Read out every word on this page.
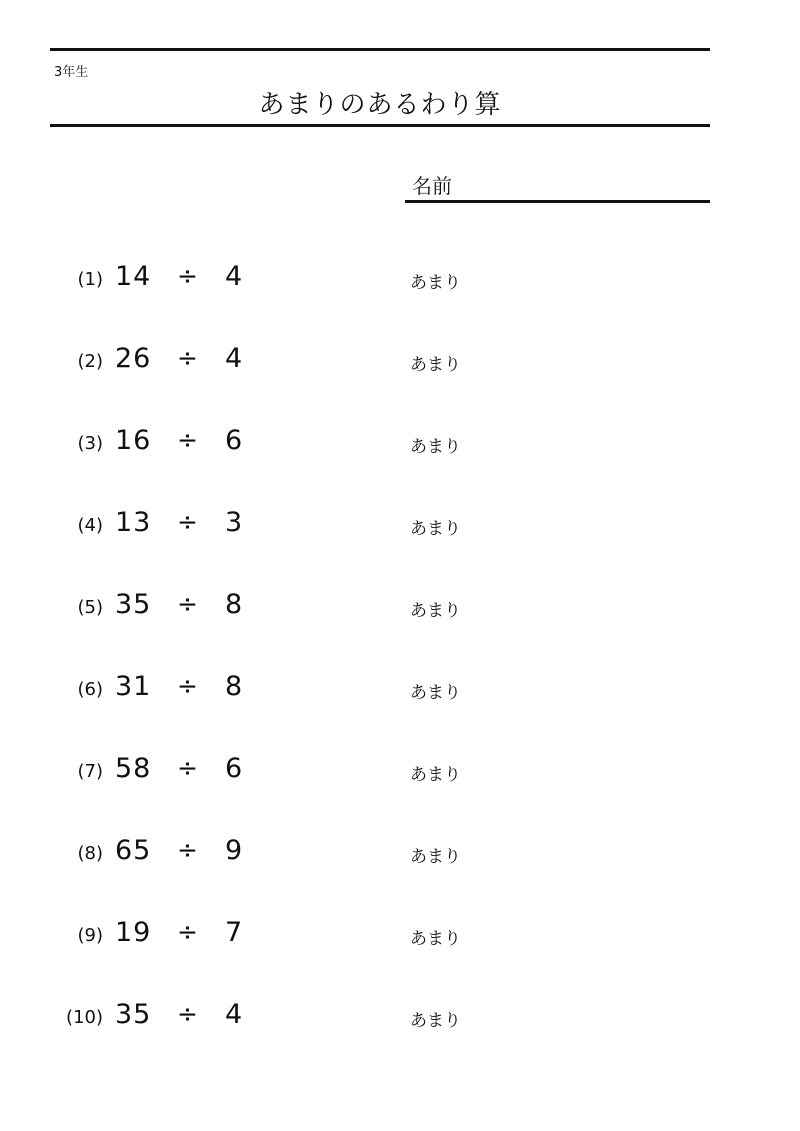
3年生
あまりのあるわり算
名前
(1) 14 ÷ 4	あまり
(2) 26 ÷ 4	あまり
(3) 16 ÷ 6	あまり
(4) 13 ÷ 3	あまり
(5) 35 ÷ 8	あまり
(6) 31 ÷ 8	あまり
(7) 58 ÷ 6	あまり
(8) 65 ÷ 9	あまり
(9) 19 ÷ 7	あまり
(10) 35 ÷ 4	あまり
